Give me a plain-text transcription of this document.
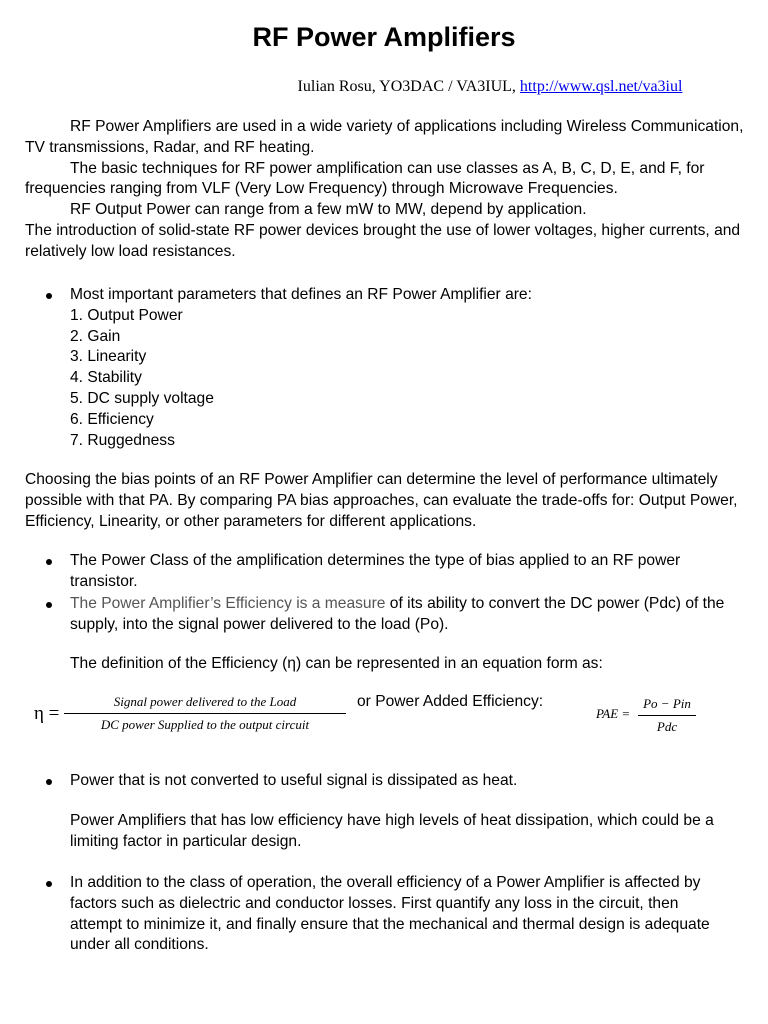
RF Power Amplifiers
Iulian Rosu, YO3DAC / VA3IUL, http://www.qsl.net/va3iul

RF Power Amplifiers are used in a wide variety of applications including Wireless Communication, TV transmissions, Radar, and RF heating.

The basic techniques for RF power amplification can use classes as A, B, C, D, E, and F, for frequencies ranging from VLF (Very Low Frequency) through Microwave Frequencies.

RF Output Power can range from a few mW to MW, depend by application.

The introduction of solid-state RF power devices brought the use of lower voltages, higher currents, and relatively low load resistances.

Most important parameters that defines an RF Power Amplifier are:
1. Output Power
2. Gain
3. Linearity
4. Stability
5. DC supply voltage
6. Efficiency
7. Ruggedness
Choosing the bias points of an RF Power Amplifier can determine the level of performance ultimately possible with that PA. By comparing PA bias approaches, can evaluate the trade-offs for: Output Power, Efficiency, Linearity, or other parameters for different applications.
The Power Class of the amplification determines the type of bias applied to an RF power transistor.
The Power Amplifier’s Efficiency is a measure of its ability to convert the DC power (Pdc) of the supply, into the signal power delivered to the load (Po).
The definition of the Efficiency (η) can be represented in an equation form as:
η =
Signal power delivered to the Load
DC power Supplied to the output circuit
or Power Added Efficiency:
PAE =
Po − Pin
Pdc
Power that is not converted to useful signal is dissipated as heat.
Power Amplifiers that has low efficiency have high levels of heat dissipation, which could be a limiting factor in particular design.
In addition to the class of operation, the overall efficiency of a Power Amplifier is affected by factors such as dielectric and conductor losses. First quantify any loss in the circuit, then attempt to minimize it, and finally ensure that the mechanical and thermal design is adequate under all conditions.
